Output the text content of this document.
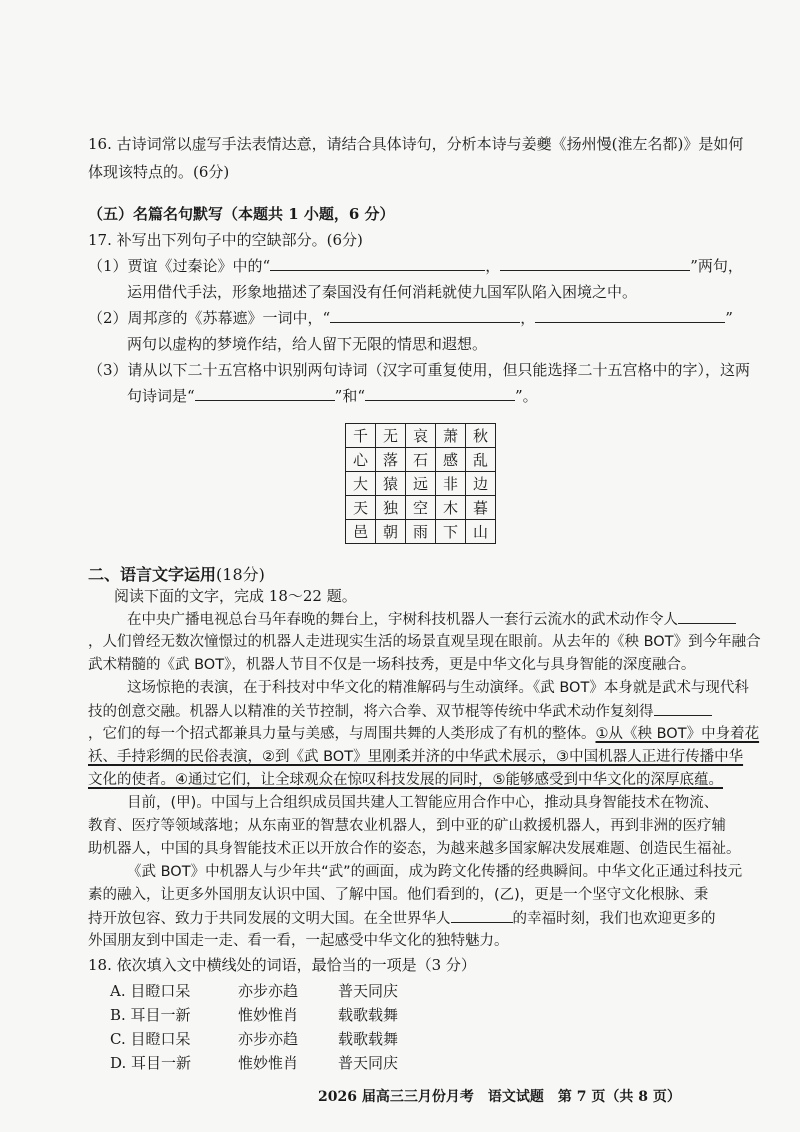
16. 古诗词常以虚写手法表情达意，请结合具体诗句，分析本诗与姜夔《扬州慢(淮左名都)》是如何
体现该特点的。(6分)
（五）名篇名句默写（本题共 1 小题，6 分）
17. 补写出下列句子中的空缺部分。(6分)
（1）贾谊《过秦论》中的“	，	”两句，
运用借代手法，形象地描述了秦国没有任何消耗就使九国军队陷入困境之中。
（2）周邦彦的《苏幕遮》一词中，“	，	”
两句以虚构的梦境作结，给人留下无限的情思和遐想。
（3）请从以下二十五宫格中识别两句诗词（汉字可重复使用，但只能选择二十五宫格中的字），这两
句诗词是“	”和“	”。
千	无	哀	萧	秋
心	落	石	感	乱
大	猿	远	非	边
天	独	空	木	暮
邑	朝	雨	下	山
二、语言文字运用(18分)
阅读下面的文字，完成 18～22 题。
在中央广播电视总台马年春晚的舞台上，宇树科技机器人一套行云流水的武术动作令人
，人们曾经无数次憧憬过的机器人走进现实生活的场景直观呈现在眼前。从去年的《秧 BOT》到今年融合
武术精髓的《武 BOT》，机器人节目不仅是一场科技秀，更是中华文化与具身智能的深度融合。
这场惊艳的表演，在于科技对中华文化的精准解码与生动演绎。《武 BOT》本身就是武术与现代科
技的创意交融。机器人以精准的关节控制，将六合拳、双节棍等传统中华武术动作复刻得
，它们的每一个招式都兼具力量与美感，与周围共舞的人类形成了有机的整体。①从《秧 BOT》中身着花
袄、手持彩绸的民俗表演，②到《武 BOT》里刚柔并济的中华武术展示，③中国机器人正进行传播中华
文化的使者。④通过它们，让全球观众在惊叹科技发展的同时，⑤能够感受到中华文化的深厚底蕴。
目前，(甲)。中国与上合组织成员国共建人工智能应用合作中心，推动具身智能技术在物流、
教育、医疗等领域落地；从东南亚的智慧农业机器人，到中亚的矿山救援机器人，再到非洲的医疗辅
助机器人，中国的具身智能技术正以开放合作的姿态，为越来越多国家解决发展难题、创造民生福祉。
《武 BOT》中机器人与少年共“武”的画面，成为跨文化传播的经典瞬间。中华文化正通过科技元
素的融入，让更多外国朋友认识中国、了解中国。他们看到的，(乙)，更是一个坚守文化根脉、秉
持开放包容、致力于共同发展的文明大国。在全世界华人	的幸福时刻，我们也欢迎更多的
外国朋友到中国走一走、看一看，一起感受中华文化的独特魅力。
18. 依次填入文中横线处的词语，最恰当的一项是（3 分）
A. 目瞪口呆	亦步亦趋	普天同庆
B. 耳目一新	惟妙惟肖	载歌载舞
C. 目瞪口呆	亦步亦趋	载歌载舞
D. 耳目一新	惟妙惟肖	普天同庆
2026 届高三三月份月考　语文试题　第 7 页（共 8 页）
